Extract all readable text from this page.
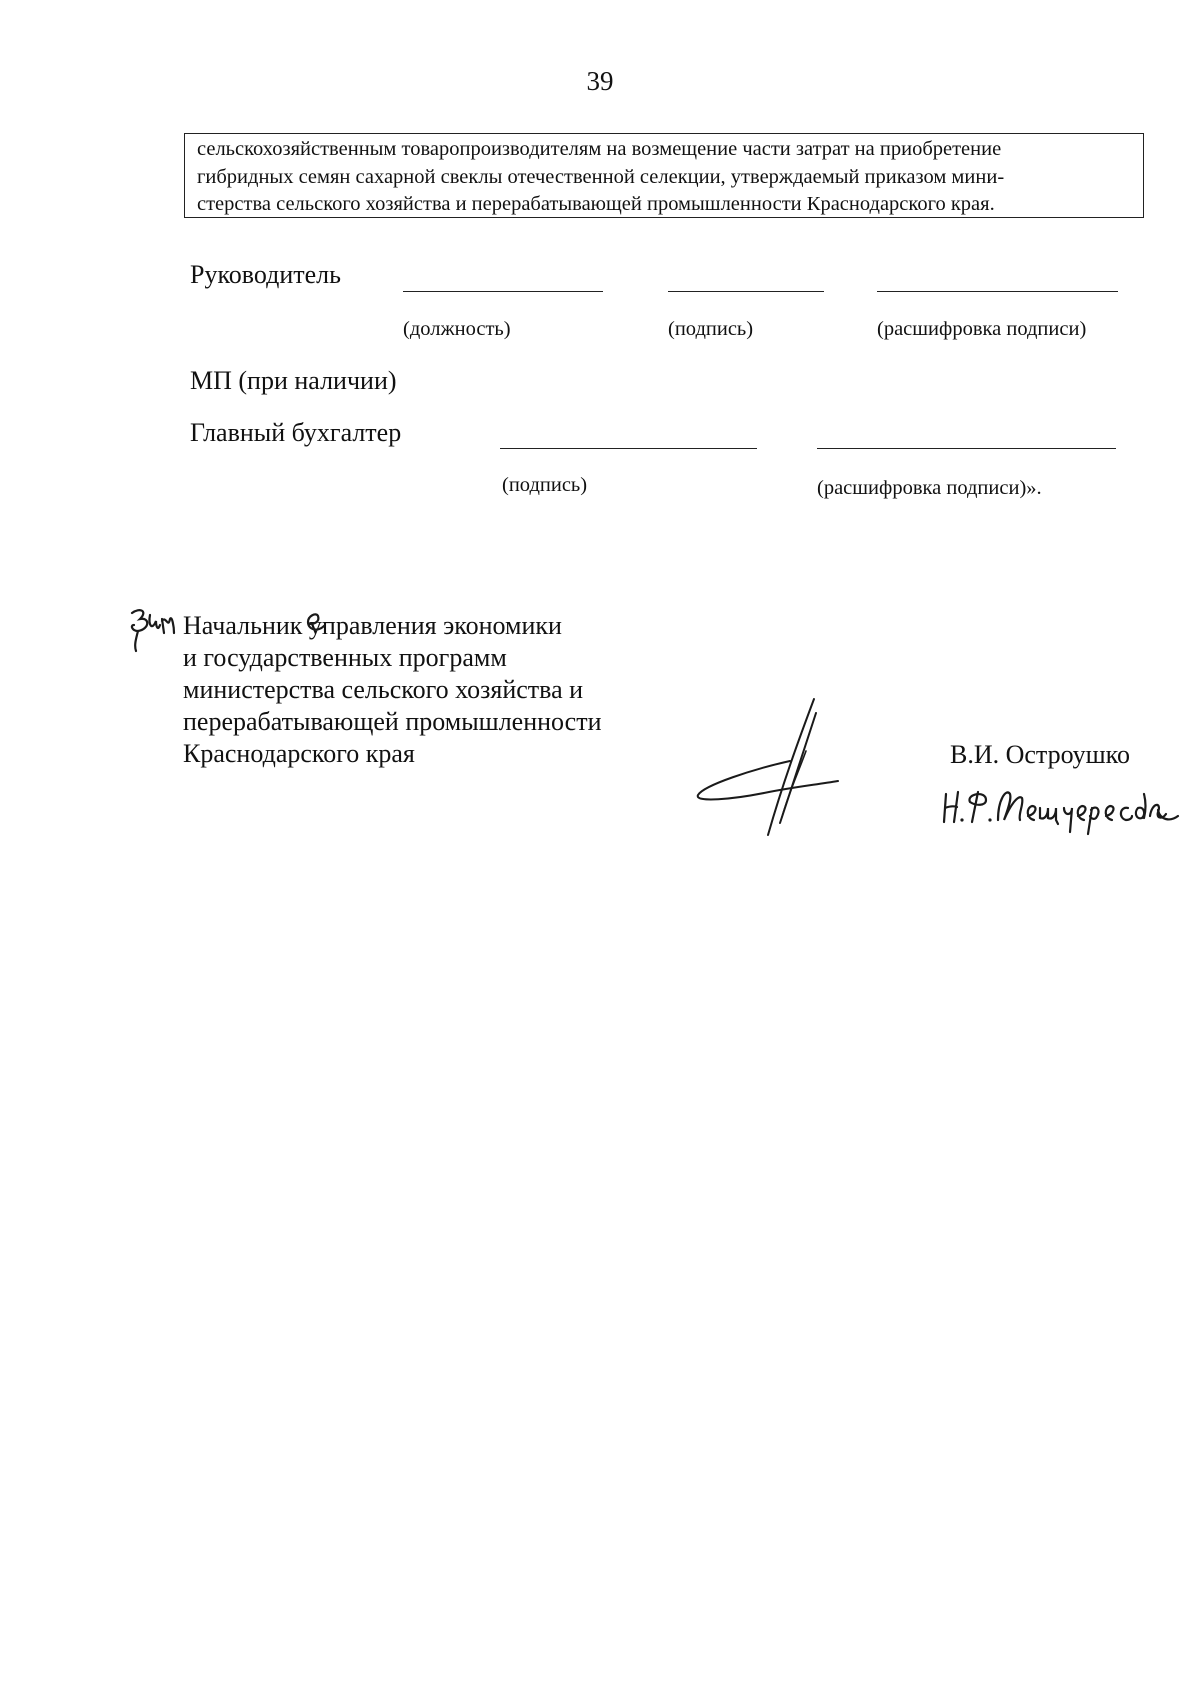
39
сельскохозяйственным товаропроизводителям на возмещение части затрат на приобретение
гибридных семян сахарной свеклы отечественной селекции, утверждаемый приказом мини-
стерства сельского хозяйства и перерабатывающей промышленности Краснодарского края.
Руководитель
(должность)	(подпись)	(расшифровка подписи)
МП (при наличии)
Главный бухгалтер
(подпись)	(расшифровка подписи)».
Начальник управления экономики
и государственных программ
министерства сельского хозяйства и
перерабатывающей промышленности
Краснодарского края	В.И. Остроушко
